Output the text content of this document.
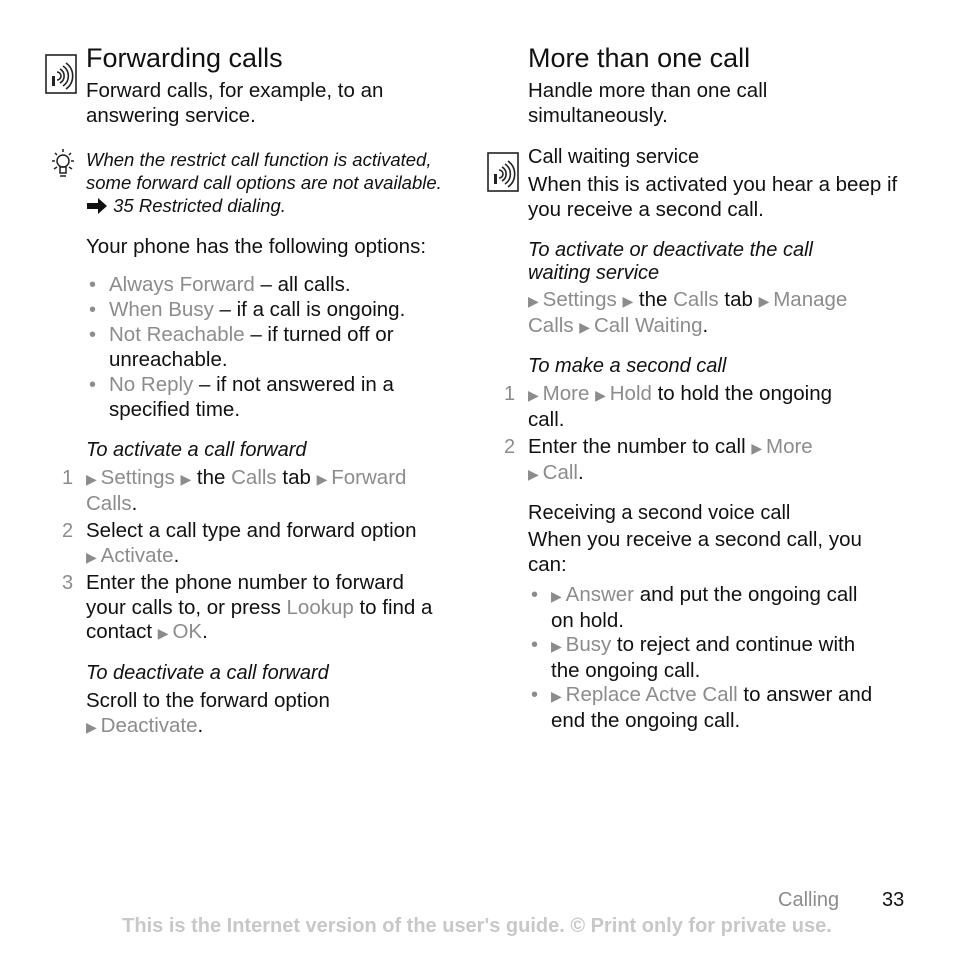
Forwarding calls

Forward calls, for example, to an answering service.

When the restrict call function is activated, some forward call options are not available.  35 Restricted dialing.

Your phone has the following options:

• Always Forward – all calls.

• When Busy – if a call is ongoing.

• Not Reachable – if turned off or unreachable.

• No Reply – if not answered in a specified time.

To activate a call forward
1 ▶ Settings ▶ the Calls tab ▶ Forward
Calls.

2 Select a call type and forward option
▶ Activate.

3 Enter the phone number to forward
your calls to, or press Lookup to find a
contact ▶ OK.

To deactivate a call forward

Scroll to the forward option
▶ Deactivate.

More than one call

Handle more than one call simultaneously.

Call waiting service

When this is activated you hear a beep if you receive a second call.

To activate or deactivate the call waiting service

▶ Settings ▶ the Calls tab ▶ Manage
Calls ▶ Call Waiting.

To make a second call
1 ▶ More ▶ Hold to hold the ongoing
call.

2 Enter the number to call ▶ More
▶ Call.

Receiving a second voice call

When you receive a second call, you can:

• ▶ Answer and put the ongoing call
on hold.

• ▶ Busy to reject and continue with
the ongoing call.

• ▶ Replace Actve Call to answer and
end the ongoing call.

Calling 33
This is the Internet version of the user's guide. © Print only for private use.
